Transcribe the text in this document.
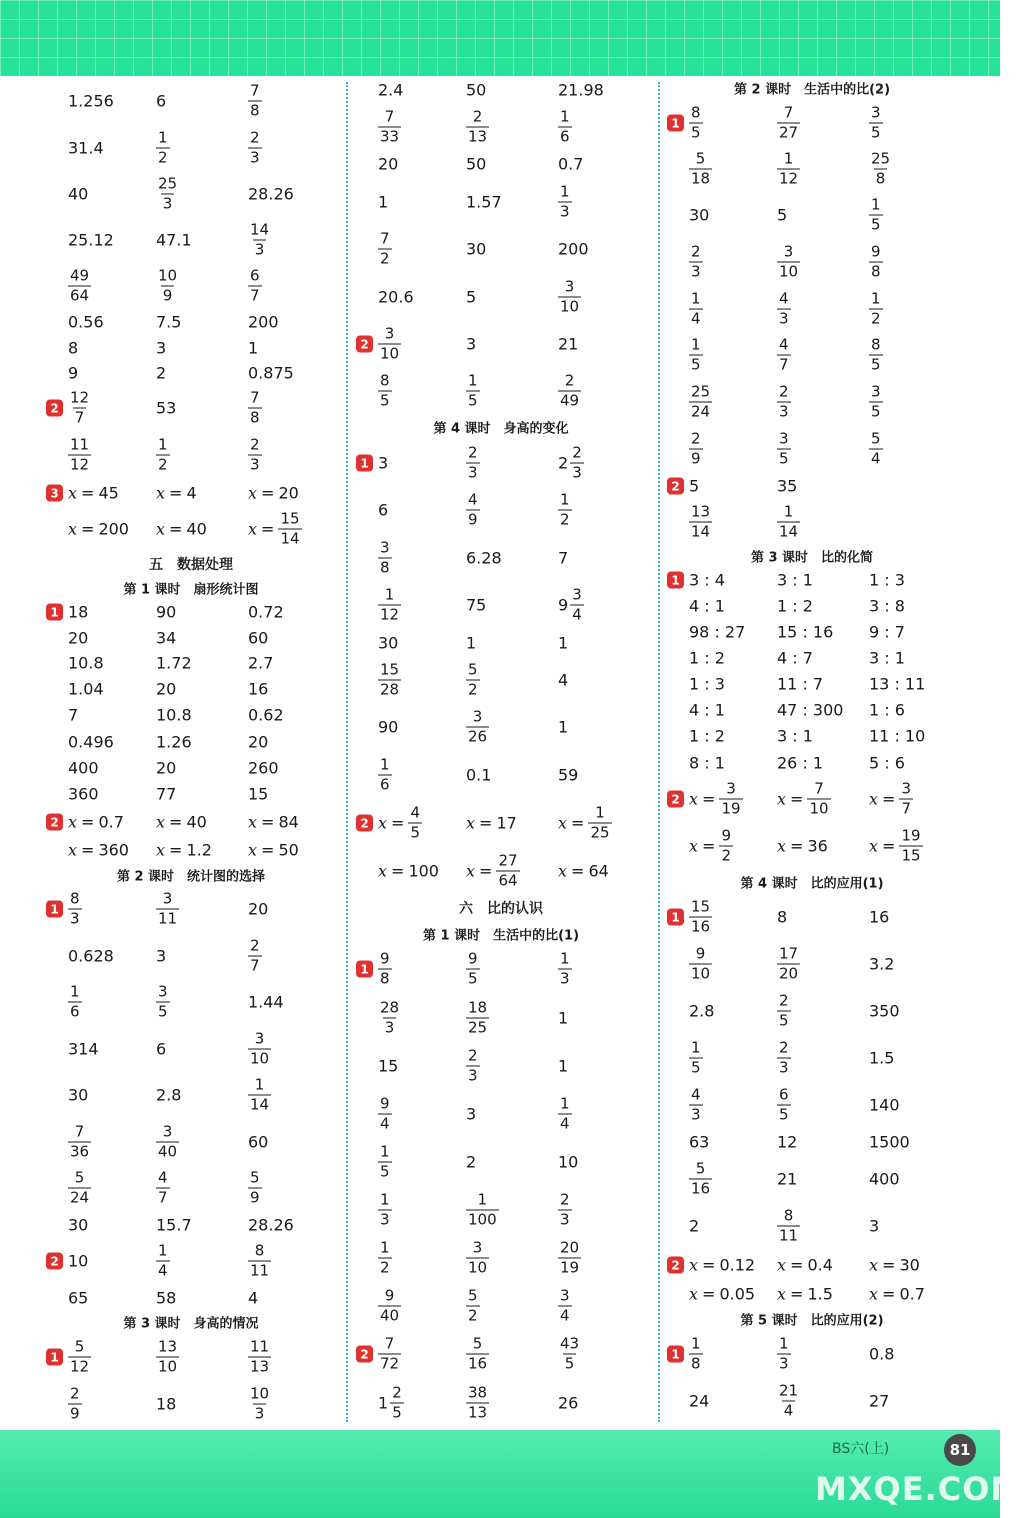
1.256	6	$\frac{7}{8}$
31.4	$\frac{1}{2}$	$\frac{2}{3}$
40	$\frac{25}{3}$	28.26
25.12	47.1	$\frac{14}{3}$
$\frac{49}{64}$	$\frac{10}{9}$	$\frac{6}{7}$
0.56	7.5	200
8	3	1
9	2	0.875
$2 \frac{12}{7}$	53	$\frac{7}{8}$
$\frac{11}{12}$	$\frac{1}{2}$	$\frac{2}{3}$
3 x = 45 x = 4	x = 20
x = 200 x = 40	$x = \frac{15}{14}$
五　数据处理
第 1 课时　扇形统计图
1 18	90	0.72
20	34	60
10.8	1.72	2.7
1.04	20	16
7	10.8	0.62
0.496	1.26	20
400	20	260
360	77	15
2 x = 0.7 x = 40	x = 84
x = 360 x = 1.2 x = 50
第 2 课时　统计图的选择
$1 \frac{8}{3}$	$\frac{3}{11}$	20
0.628	3	$\frac{2}{7}$
$\frac{1}{6}$	$\frac{3}{5}$	1.44
314	6	$\frac{3}{10}$
30	2.8	$\frac{1}{14}$
$\frac{7}{36}$	$\frac{3}{40}$	60
$\frac{5}{24}$	$\frac{4}{7}$	$\frac{5}{9}$
30	15.7	28.26
2 10	$\frac{1}{4}$	$\frac{8}{11}$
65	58	4
第 3 课时　身高的情况
$1 \frac{5}{12}$	$\frac{13}{10}$	$\frac{11}{13}$
$\frac{2}{9}$	18	$\frac{10}{3}$
2.4	50	21.98
$\frac{7}{33}$	$\frac{2}{13}$	$\frac{1}{6}$
20	50	0.7
1	1.57	$\frac{1}{3}$
$\frac{7}{2}$	30	200
20.6	5	$\frac{3}{10}$
$2 \frac{3}{10}$	3	21
$\frac{8}{5}$	$\frac{1}{5}$	$\frac{2}{49}$
第 4 课时　身高的变化
1 3	$\frac{2}{3}$	$2 \frac{2}{3}$
6	$\frac{4}{9}$	$\frac{1}{2}$
$\frac{3}{8}$	6.28	7
$\frac{1}{12}$	75	$9 \frac{3}{4}$
30	1	1
$\frac{15}{28}$	$\frac{5}{2}$	4
90	$\frac{3}{26}$	1
$\frac{1}{6}$	0.1	59
2 $x = \frac{4}{5}$	x = 17	$x = \frac{1}{25}$
x = 100 $x = \frac{27}{64}$ x = 64
六　比的认识
第 1 课时　生活中的比(1)
$1 \frac{9}{8}$	$\frac{9}{5}$	$\frac{1}{3}$
$\frac{28}{3}$	$\frac{18}{25}$	1
15	$\frac{2}{3}$	1
$\frac{9}{4}$	3	$\frac{1}{4}$
$\frac{1}{5}$	2	10
$\frac{1}{3}$	$\frac{1}{100}$	$\frac{2}{3}$
$\frac{1}{2}$	$\frac{3}{10}$	$\frac{20}{19}$
$\frac{9}{40}$	$\frac{5}{2}$	$\frac{3}{4}$
$2 \frac{7}{72}$	$\frac{5}{16}$	$\frac{43}{5}$
$1 \frac{2}{5}$	$\frac{38}{13}$	26
第 2 课时　生活中的比(2)
$1 \frac{8}{5}$	$\frac{7}{27}$	$\frac{3}{5}$
$\frac{5}{18}$	$\frac{1}{12}$	$\frac{25}{8}$
30	5	$\frac{1}{5}$
$\frac{2}{3}$	$\frac{3}{10}$	$\frac{9}{8}$
$\frac{1}{4}$	$\frac{4}{3}$	$\frac{1}{2}$
$\frac{1}{5}$	$\frac{4}{7}$	$\frac{8}{5}$
$\frac{25}{24}$	$\frac{2}{3}$	$\frac{3}{5}$
$\frac{2}{9}$	$\frac{3}{5}$	$\frac{5}{4}$
2 5	35
$\frac{13}{14}$	$\frac{1}{14}$
第 3 课时　比的化简
1 3 : 4	3 : 1	1 : 3
4 : 1	1 : 2	3 : 8
98 : 27 15 : 16 9 : 7
1 : 2	4 : 7	3 : 1
1 : 3	11 : 7	13 : 11
4 : 1	47 : 300 1 : 6
1 : 2	3 : 1	11 : 10
8 : 1	26 : 1	5 : 6
2 $x = \frac{3}{19}$ $x = \frac{7}{10}$ $x = \frac{3}{7}$
$x = \frac{9}{2}$	x = 36	$x = \frac{19}{15}$
第 4 课时　比的应用(1)
$1 \frac{15}{16}$	8	16
$\frac{9}{10}$	$\frac{17}{20}$	3.2
2.8	$\frac{2}{5}$	350
$\frac{1}{5}$	$\frac{2}{3}$	1.5
$\frac{4}{3}$	$\frac{6}{5}$	140
63	12	1500
$\frac{5}{16}$	21	400
2	$\frac{8}{11}$	3
2 x = 0.12 x = 0.4 x = 30
x = 0.05 x = 1.5 x = 0.7
第 5 课时　比的应用(2)
$1 \frac{1}{8}$	$\frac{1}{3}$	0.8
24	$\frac{21}{4}$	27
BS六(上)	81
MXQE.COM
